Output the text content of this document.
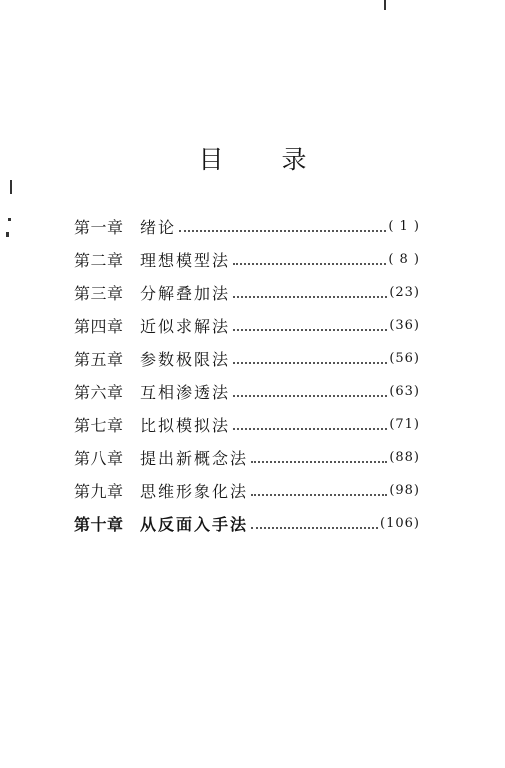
目 录
第一章	绪论	( 1 )
第二章	理想模型法	( 8 )
第三章	分解叠加法	(23)
第四章	近似求解法	(36)
第五章	参数极限法	(56)
第六章	互相渗透法	(63)
第七章	比拟模拟法	(71)
第八章	提出新概念法	(88)
第九章	思维形象化法	(98)
第十章	从反面入手法	(106)
